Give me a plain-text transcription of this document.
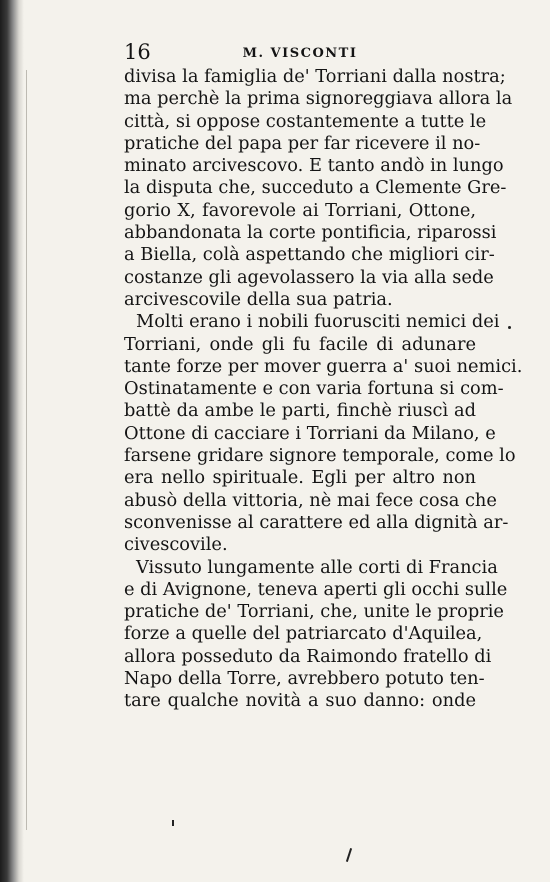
16	M. VISCONTI
divisa la famiglia de' Torriani dalla nostra;
ma perchè la prima signoreggiava allora la
città, si oppose costantemente a tutte le
pratiche del papa per far ricevere il no-
minato arcivescovo. E tanto andò in lungo
la disputa che, succeduto a Clemente Gre-
gorio X, favorevole ai Torriani, Ottone,
abbandonata la corte pontificia, riparossi
a Biella, colà aspettando che migliori cir-
costanze gli agevolassero la via alla sede
arcivescovile della sua patria.
Molti erano i nobili fuorusciti nemici dei
Torriani, onde gli fu facile di adunare
tante forze per mover guerra a' suoi nemici.
Ostinatamente e con varia fortuna si com-
battè da ambe le parti, finchè riuscì ad
Ottone di cacciare i Torriani da Milano, e
farsene gridare signore temporale, come lo
era nello spirituale. Egli per altro non
abusò della vittoria, nè mai fece cosa che
sconvenisse al carattere ed alla dignità ar-
civescovile.
Vissuto lungamente alle corti di Francia
e di Avignone, teneva aperti gli occhi sulle
pratiche de' Torriani, che, unite le proprie
forze a quelle del patriarcato d'Aquilea,
allora posseduto da Raimondo fratello di
Napo della Torre, avrebbero potuto ten-
tare qualche novità a suo danno: onde
